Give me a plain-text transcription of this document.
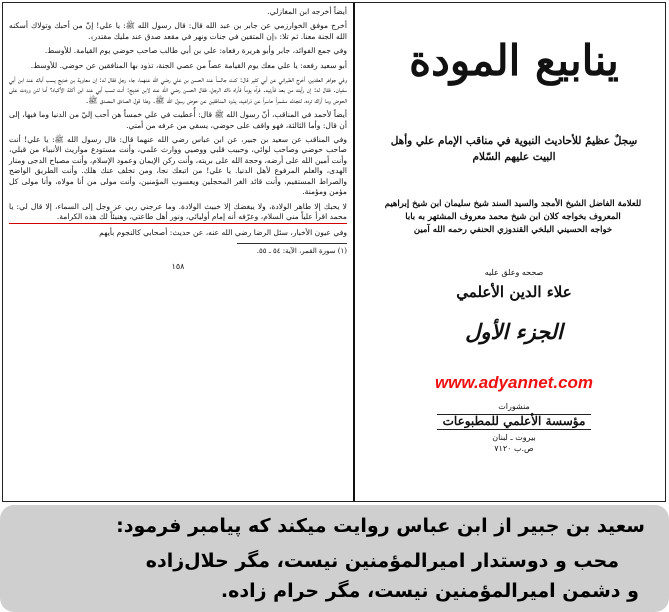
أيضاً أخرجه ابن المغازلي.

أخرج موفق الخوارزمي عن جابر بن عبد الله قال: قال رسول الله ﷺ: يا علي! إنّ من أحبك وتولاك أسكنه الله الجنة معنا. ثم تلا: ﴿إن المتقين في جنات ونهر في مقعد صدق عند مليك مقتدر﴾.

وفي جمع الفوائد، جابر وأبو هريرة رفعاه: علي بن أبي طالب صاحب حوضي يوم القيامة. للأوسط.

أبو سعيد رفعه: يا علي معك يوم القيامة عصاً من عصي الجنة، تذود بها المنافقين عن حوضي. للأوسط.

وفي جواهر العقدين، أخرج الطبراني عن أبي كثير قال: كنت جالساً عند الحسن بن علي رضي الله عنهما، جاء رجل فقال له: إن معاوية بن خديج يسب أباك عند ابن أبي سفيان. فقال له: إن رأيته من بعد فأرنيه. فرآه يوماً فأراه ذاك الرجل، فقال الحسن رضي الله عنه لابن خديج: أنت تسب أبي عند ابن أكلة الأكباد؟ أما لئن وردت على الحوض وما أراك ترده، لتجدنّه مشمراً حاسراً عن ذراعيه، يذود المنافقين عن حوض رسول الله ﷺ. وهذا قول الصادق المصدق ﷺ.

أيضاً لأحمد في المناقب، أنّ رسول الله ﷺ قال: أُعطيت في علي خمساً هن أحب إليّ من الدنيا وما فيها، إلى أن قال: وأما الثالثة، فهو واقف على حوضي، يسقي من عرفه من أمتي.

وفي المناقب عن سعيد بن جبير، عن ابن عباس رضي الله عنهما قال: قال رسول الله ﷺ: يا علي! أنت صاحب حوضي وصاحب لوائي، وحبيب قلبي ووصيي ووارث علمي، وأنت مستودع مواريث الأنبياء من قبلي، وأنت أمين الله على أرضه، وحجة الله على بريته، وأنت ركن الإيمان وعمود الإسلام، وأنت مصباح الدجى ومنار الهدى، والعلم المرفوع لأهل الدنيا. يا علي! من اتبعك نجا، ومن تخلف عنك هلك. وأنت الطريق الواضح والصراط المستقيم، وأنت قائد الغر المحجلين ويعسوب المؤمنين، وأنت مولى من أنا مولاه، وأنا مولى كل مؤمن ومؤمنة.

لا يحبك إلا طاهر الولادة، ولا يبغضك إلا خبيث الولادة. وما عرجني ربي عز وجل إلى السماء، إلا قال لي: يا محمد اقرأ علياً مني السلام، وعرّفه أنه إمام أوليائي، ونور أهل طاعتي، وهنيئاً لك هذه الكرامة.

وفي عيون الأخبار، سئل الرضا رضي الله عنه، عن حديث: أصحابي كالنجوم بأيهم

(١) سورة القمر، الآية: ٥٤ ـ ٥٥.
١٥٨
ينابيع المودة
سِجلٌ عظيمٌ للأحاديث النبوية في مناقب الإمام علي وأهل البيت عليهم السّلام
للعلامة الفاضل الشيخ الأمجد والسيد السند شيخ سليمان ابن شيخ إبراهيم
المعروف بخواجه كلان ابن شيخ محمد معروف المشتهر به بابا
خواجه الحسيني البلخي القندوزي الحنفي رحمه الله آمين
صححه وعلق عليه
علاء الدين الأعلمي
الجزء الأول
www.adyannet.com
منشورات
مؤسسة الأعلمي للمطبوعات
بيروت ـ لبنان
ص.ب ٧١٢٠
سعید بن جبیر از ابن عباس روایت میکند که پیامبر فرمود:
محب و دوستدار امیرالمؤمنین نیست، مگر حلال‌زاده
و دشمن امیرالمؤمنین نیست، مگر حرام زاده.
